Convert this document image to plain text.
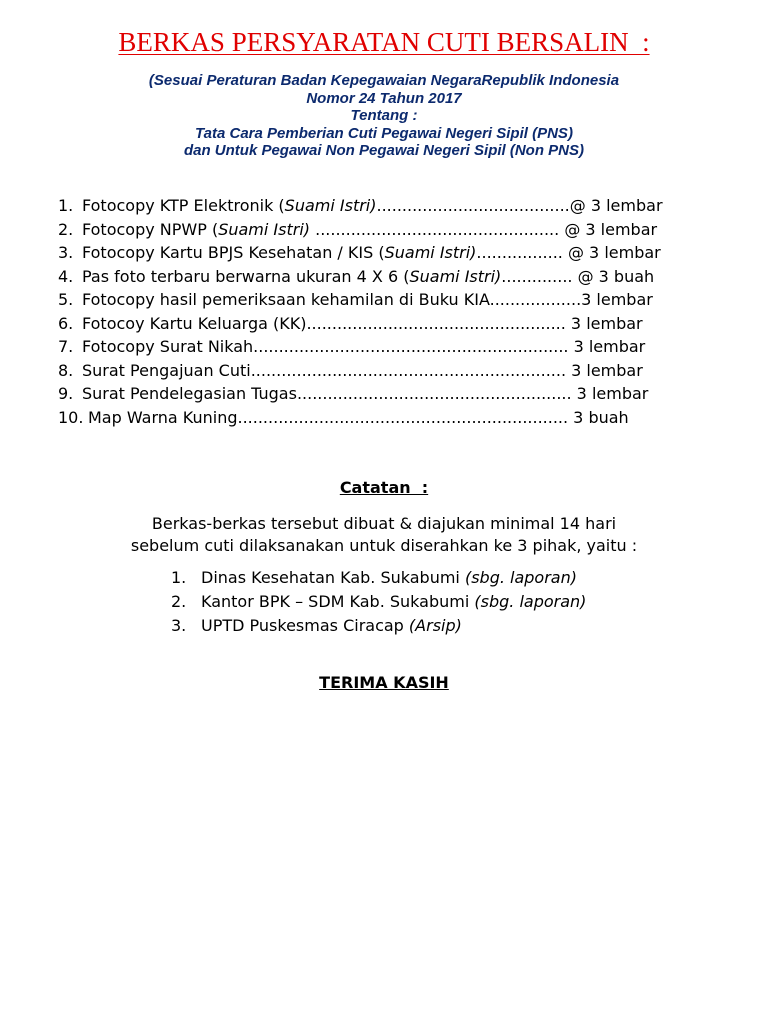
BERKAS PERSYARATAN CUTI BERSALIN  :
(Sesuai Peraturan Badan Kepegawaian NegaraRepublik Indonesia
Nomor 24 Tahun 2017
Tentang :
Tata Cara Pemberian Cuti Pegawai Negeri Sipil (PNS)
dan Untuk Pegawai Non Pegawai Negeri Sipil (Non PNS)
1. Fotocopy KTP Elektronik (Suami Istri)......................................@ 3 lembar
2. Fotocopy NPWP (Suami Istri) ................................................ @ 3 lembar
3. Fotocopy Kartu BPJS Kesehatan / KIS (Suami Istri)................. @ 3 lembar
4. Pas foto terbaru berwarna ukuran 4 X 6 (Suami Istri).............. @ 3 buah
5. Fotocopy hasil pemeriksaan kehamilan di Buku KIA..................3 lembar
6. Fotocoy Kartu Keluarga (KK)................................................... 3 lembar
7. Fotocopy Surat Nikah.............................................................. 3 lembar
8. Surat Pengajuan Cuti.............................................................. 3 lembar
9. Surat Pendelegasian Tugas...................................................... 3 lembar
10. Map Warna Kuning................................................................. 3 buah
Catatan  :
Berkas-berkas tersebut dibuat & diajukan minimal 14 hari
sebelum cuti dilaksanakan untuk diserahkan ke 3 pihak, yaitu :
1. Dinas Kesehatan Kab. Sukabumi (sbg. laporan)
2. Kantor BPK – SDM Kab. Sukabumi (sbg. laporan)
3. UPTD Puskesmas Ciracap (Arsip)
TERIMA KASIH
